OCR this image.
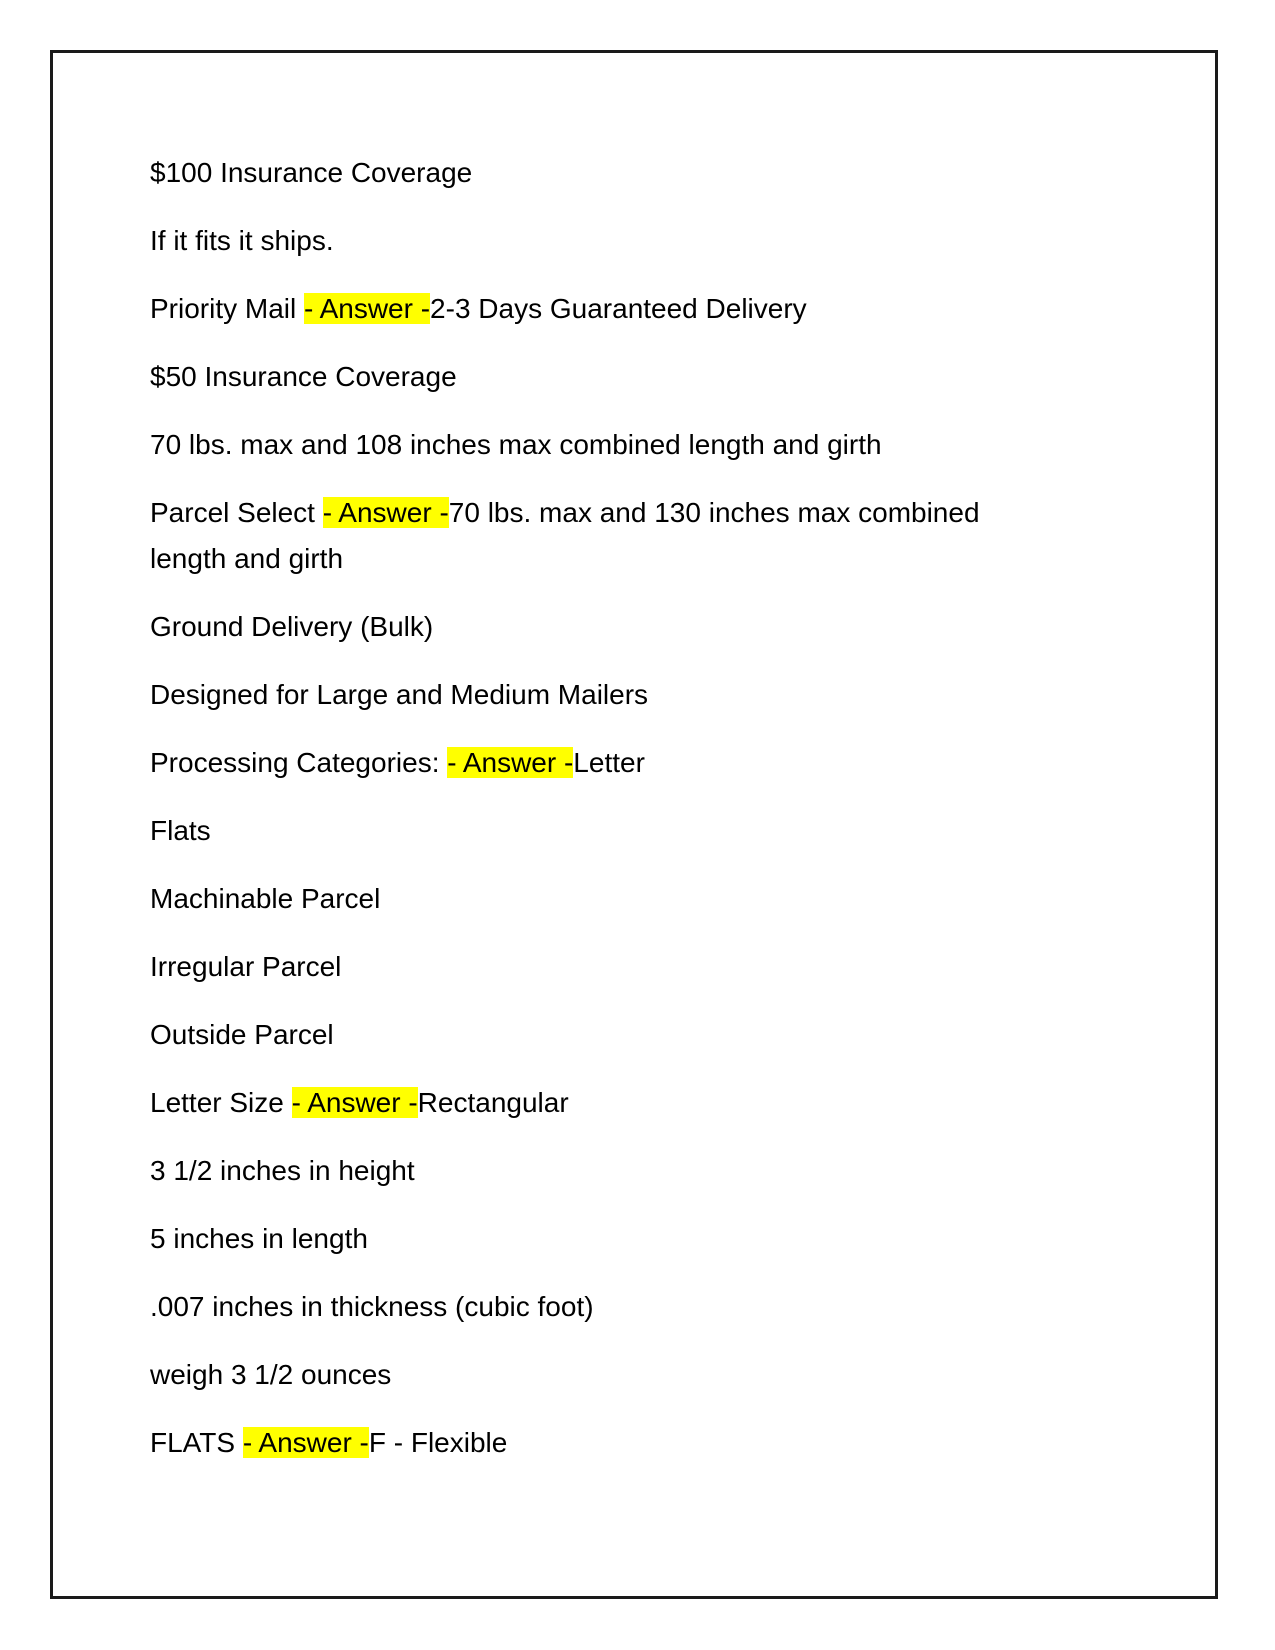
$100 Insurance Coverage

If it fits it ships.

Priority Mail - Answer -2-3 Days Guaranteed Delivery

$50 Insurance Coverage

70 lbs. max and 108 inches max combined length and girth

Parcel Select - Answer -70 lbs. max and 130 inches max combined length and girth

Ground Delivery (Bulk)

Designed for Large and Medium Mailers

Processing Categories: - Answer -Letter

Flats

Machinable Parcel

Irregular Parcel

Outside Parcel

Letter Size - Answer -Rectangular

3 1/2 inches in height

5 inches in length

.007 inches in thickness (cubic foot)

weigh 3 1/2 ounces

FLATS - Answer -F - Flexible
